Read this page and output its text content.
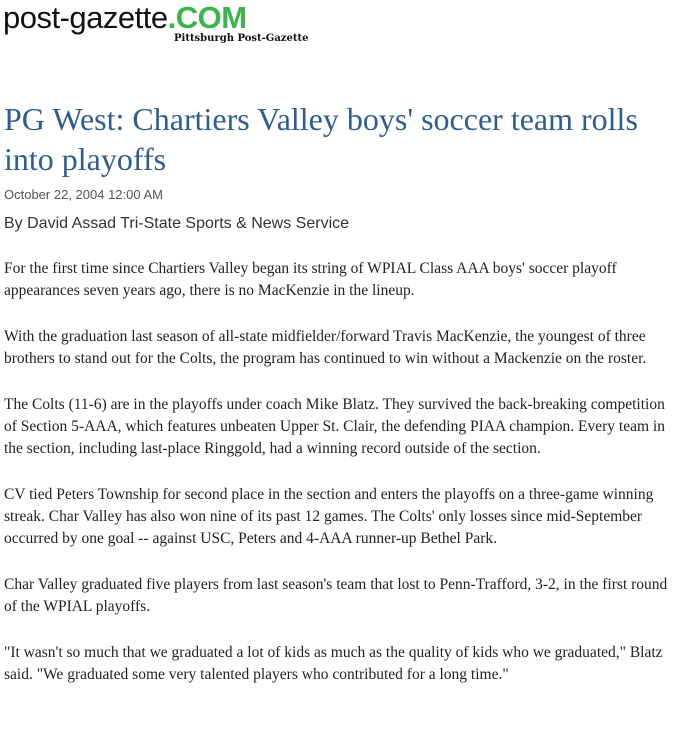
post-gazette.COM
Pittsburgh Post-Gazette
PG West: Chartiers Valley boys' soccer team rolls into playoffs
October 22, 2004 12:00 AM
By David Assad Tri-State Sports & News Service

For the first time since Chartiers Valley began its string of WPIAL Class AAA boys' soccer playoff appearances seven years ago, there is no MacKenzie in the lineup.

With the graduation last season of all-state midfielder/forward Travis MacKenzie, the youngest of three brothers to stand out for the Colts, the program has continued to win without a Mackenzie on the roster.

The Colts (11-6) are in the playoffs under coach Mike Blatz. They survived the back-breaking competition of Section 5-AAA, which features unbeaten Upper St. Clair, the defending PIAA champion. Every team in the section, including last-place Ringgold, had a winning record outside of the section.

CV tied Peters Township for second place in the section and enters the playoffs on a three-game winning streak. Char Valley has also won nine of its past 12 games. The Colts' only losses since mid-September occurred by one goal -- against USC, Peters and 4-AAA runner-up Bethel Park.

Char Valley graduated five players from last season's team that lost to Penn-Trafford, 3-2, in the first round of the WPIAL playoffs.

"It wasn't so much that we graduated a lot of kids as much as the quality of kids who we graduated," Blatz said. "We graduated some very talented players who contributed for a long time."
